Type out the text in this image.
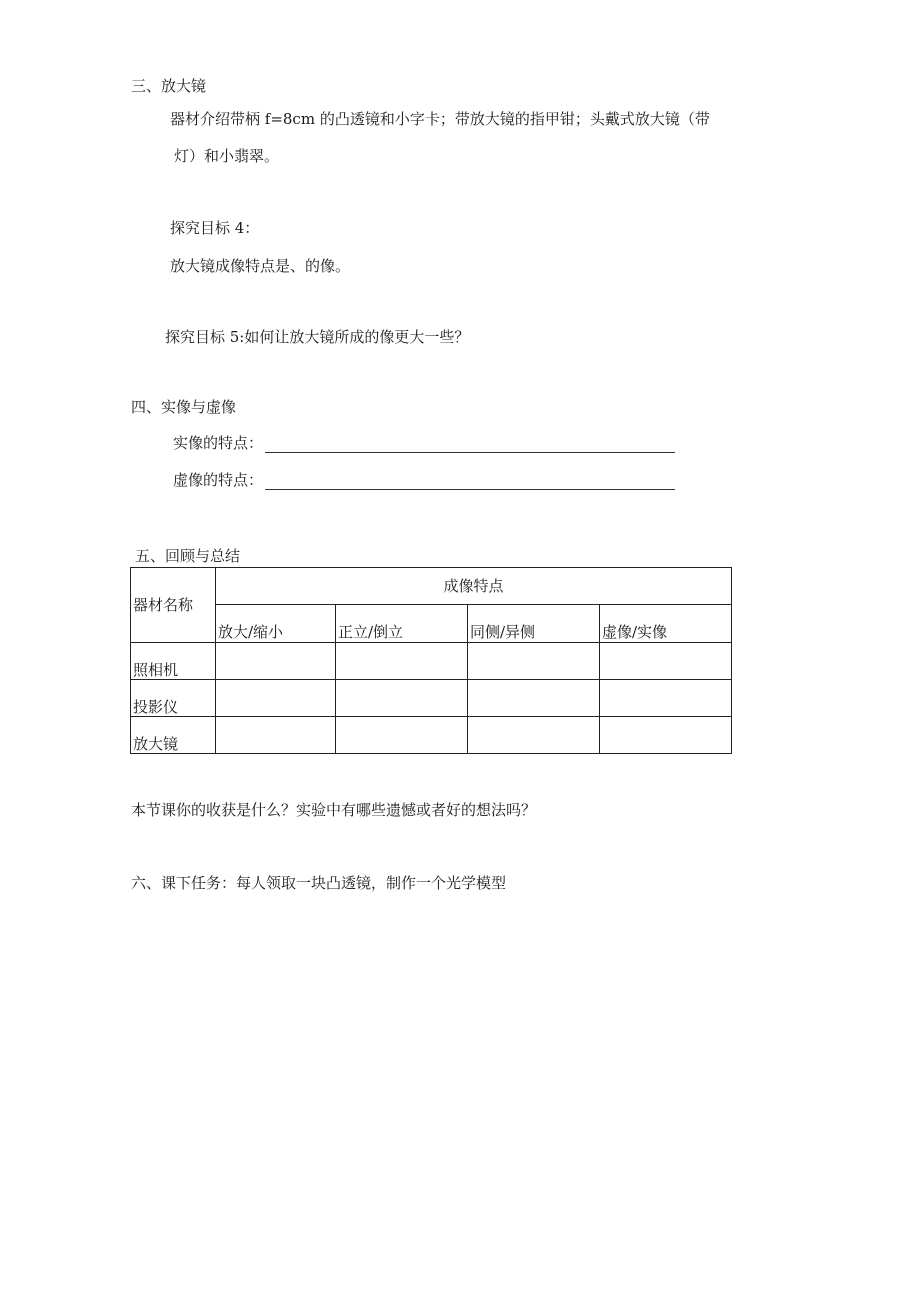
三、放大镜
器材介绍带柄 f=8cm 的凸透镜和小字卡；带放大镜的指甲钳；头戴式放大镜（带
灯）和小翡翠。
探究目标 4：
放大镜成像特点是、的像。
探究目标 5:如何让放大镜所成的像更大一些？
四、实像与虚像
实像的特点：
虚像的特点：
五、回顾与总结
器材名称	成像特点			
	放大/缩小	正立/倒立	同侧/异侧	虚像/实像
照相机				
投影仪				
放大镜				
本节课你的收获是什么？实验中有哪些遗憾或者好的想法吗？
六、课下任务：每人领取一块凸透镜，制作一个光学模型
